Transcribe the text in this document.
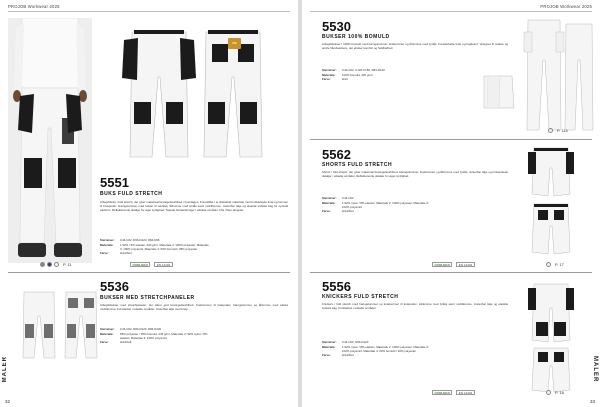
PROJOB Workwear 2025
CE
5551
BUKS FULD STRETCH
Arbejdsbuks i fuld stretch, der giver maksimal bevægelsesfrihed i hverdagen. Fremstillet i et slidstærkt materiale med forstærkede knæ og lommer til knæpuder. Hængelommer med holder til værktøj, lårlomme med lynlås samt mobillomme. Justerbar talje og elastisk indsats bag for optimal pasform. Reflekterende detaljer for øget synlighed. Tapede forstærkninger i udsatte områder. Fås i flere længder.
Størrelser: C44-C62, D96-D120, D84-D96
Materiale: 1 92% / 8% elastan, 200 g/m². Materiale 2: 100% polyester. Materiale 3: 100% polyamid. Materiale 4: 60% bomuld / 35% polyester
Farve:	Hvid/Sort
P. 11	COOLMAX	EN 14404
5536
BUKSER MED STRETCHPANELER
Arbejdsbukser med stretchpaneler, der sikrer god bevægelsesfrihed. Knælommer til knæpuder, hængelommer og lårlomme med ekstra mobillomme. Forstærket i udsatte områder. Justerbar talje med knap.
Størrelser: C44-C62, D84-D120, D96-D120
Materiale: 65% polyester / 35% bomuld, 245 g/m². Materiale 2: 92% nylon / 8% elastan. Materiale 3: 100% polyamid
Farve:	Hvid/Grå
MALER
32
PROJOB Workwear 2025
5530
BUKSER 100% BOMULD
Arbejdsbukser i 100% bomuld med hængelommer, knælommer og lårlomme med lynlås. Forstærkede knæ og bagbund. Velegnet til malere og andre håndværkere, der ønsker komfort og holdbarhed.
Størrelser: C42-C62, C146-C156, D84-D120
Materiale: 100% bomuld, 320 g/m²
Farve:	Hvid
P. 114
5562
SHORTS FULD STRETCH
Shorts i fuld stretch, der giver maksimal bevægelsesfrihed. Hængelommer, knælommer og lårlomme med lynlås. Justerbar talje og forstærkede detaljer i udsatte områder. Reflekterende detaljer for øget synlighed.
Størrelser: C44-C62
Materiale: 1 92% nylon / 8% elastan. Materiale 2: 100% polyester. Materiale 3: 100% polyamid
Farve:	Hvid/Sort
P. 17
COOLMAX	EN 14404
5556
KNICKERS FULD STRETCH
Knickers i fuld stretch med hængelommer og knælommer til knæpuder. Lårlomme med lynlås samt mobillomme. Justerbar talje og elastisk indsats bag. Forstærket i udsatte områder.
Størrelser: C44-C62, D96-D120
Materiale: 1 92% nylon / 8% elastan. Materiale 2: 100% polyester. Materiale 3: 100% polyamid. Materiale 4: 60% bomuld / 40% polyester
Farve:	Hvid/Sort
P. 16
COOLMAX	EN 14404
MALER
33
